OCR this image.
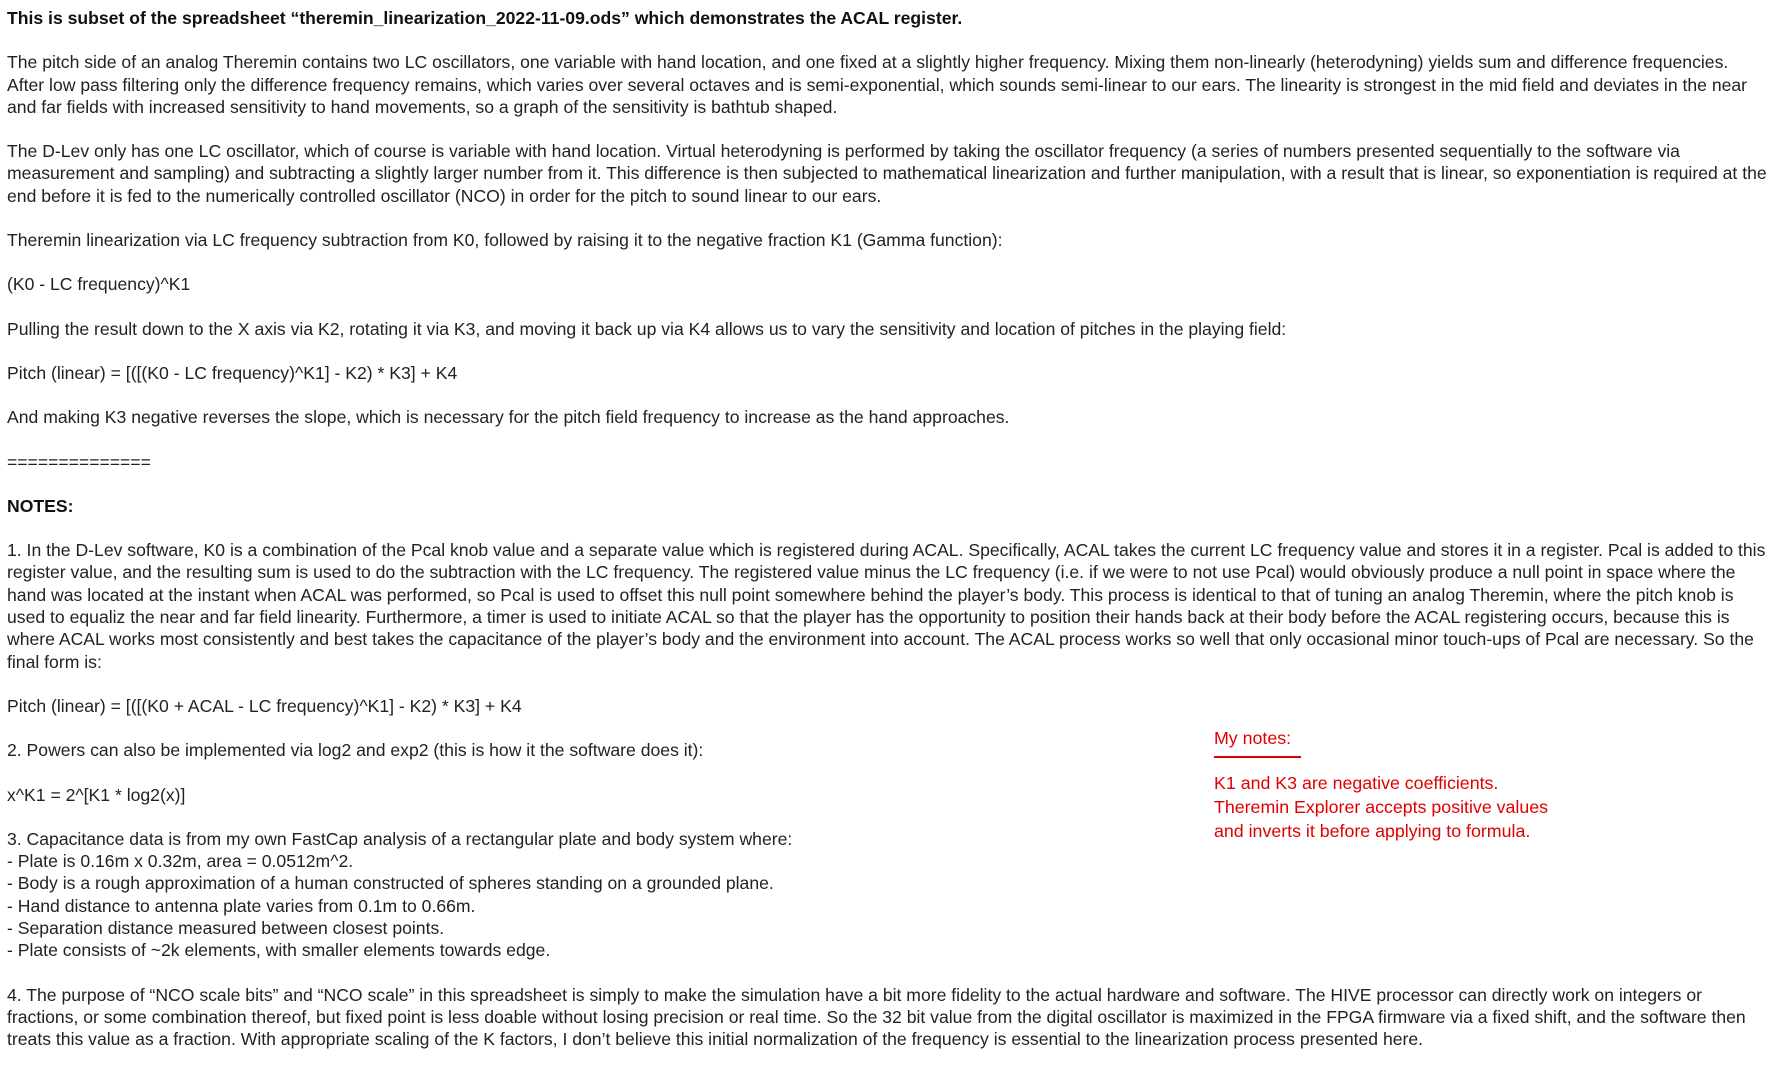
This is subset of the spreadsheet “theremin_linearization_2022-11-09.ods” which demonstrates the ACAL register.

The pitch side of an analog Theremin contains two LC oscillators, one variable with hand location, and one fixed at a slightly higher frequency. Mixing them non-linearly (heterodyning) yields sum and difference frequencies. After low pass filtering only the difference frequency remains, which varies over several octaves and is semi-exponential, which sounds semi-linear to our ears. The linearity is strongest in the mid field and deviates in the near and far fields with increased sensitivity to hand movements, so a graph of the sensitivity is bathtub shaped.

The D-Lev only has one LC oscillator, which of course is variable with hand location. Virtual heterodyning is performed by taking the oscillator frequency (a series of numbers presented sequentially to the software via measurement and sampling) and subtracting a slightly larger number from it. This difference is then subjected to mathematical linearization and further manipulation, with a result that is linear, so exponentiation is required at the end before it is fed to the numerically controlled oscillator (NCO) in order for the pitch to sound linear to our ears.

Theremin linearization via LC frequency subtraction from K0, followed by raising it to the negative fraction K1 (Gamma function):

(K0 - LC frequency)^K1

Pulling the result down to the X axis via K2, rotating it via K3, and moving it back up via K4 allows us to vary the sensitivity and location of pitches in the playing field:

Pitch (linear) = [([(K0 - LC frequency)^K1] - K2) * K3] + K4

And making K3 negative reverses the slope, which is necessary for the pitch field frequency to increase as the hand approaches.

==============

NOTES:

1. In the D-Lev software, K0 is a combination of the Pcal knob value and a separate value which is registered during ACAL. Specifically, ACAL takes the current LC frequency value and stores it in a register. Pcal is added to this register value, and the resulting sum is used to do the subtraction with the LC frequency. The registered value minus the LC frequency (i.e. if we were to not use Pcal) would obviously produce a null point in space where the hand was located at the instant when ACAL was performed, so Pcal is used to offset this null point somewhere behind the player’s body. This process is identical to that of tuning an analog Theremin, where the pitch knob is used to equaliz the near and far field linearity. Furthermore, a timer is used to initiate ACAL so that the player has the opportunity to position their hands back at their body before the ACAL registering occurs, because this is where ACAL works most consistently and best takes the capacitance of the player’s body and the environment into account. The ACAL process works so well that only occasional minor touch-ups of Pcal are necessary. So the final form is:

Pitch (linear) = [([(K0 + ACAL - LC frequency)^K1] - K2) * K3] + K4

2. Powers can also be implemented via log2 and exp2 (this is how it the software does it):

x^K1 = 2^[K1 * log2(x)]

3. Capacitance data is from my own FastCap analysis of a rectangular plate and body system where:
- Plate is 0.16m x 0.32m, area = 0.0512m^2.
- Body is a rough approximation of a human constructed of spheres standing on a grounded plane.
- Hand distance to antenna plate varies from 0.1m to 0.66m.
- Separation distance measured between closest points.
- Plate consists of ~2k elements, with smaller elements towards edge.

4. The purpose of “NCO scale bits” and “NCO scale” in this spreadsheet is simply to make the simulation have a bit more fidelity to the actual hardware and software. The HIVE processor can directly work on integers or fractions, or some combination thereof, but fixed point is less doable without losing precision or real time. So the 32 bit value from the digital oscillator is maximized in the FPGA firmware via a fixed shift, and the software then treats this value as a fraction. With appropriate scaling of the K factors, I don’t believe this initial normalization of the frequency is essential to the linearization process presented here.

My notes:
K1 and K3 are negative coefficients.
Theremin Explorer accepts positive values
and inverts it before applying to formula.
